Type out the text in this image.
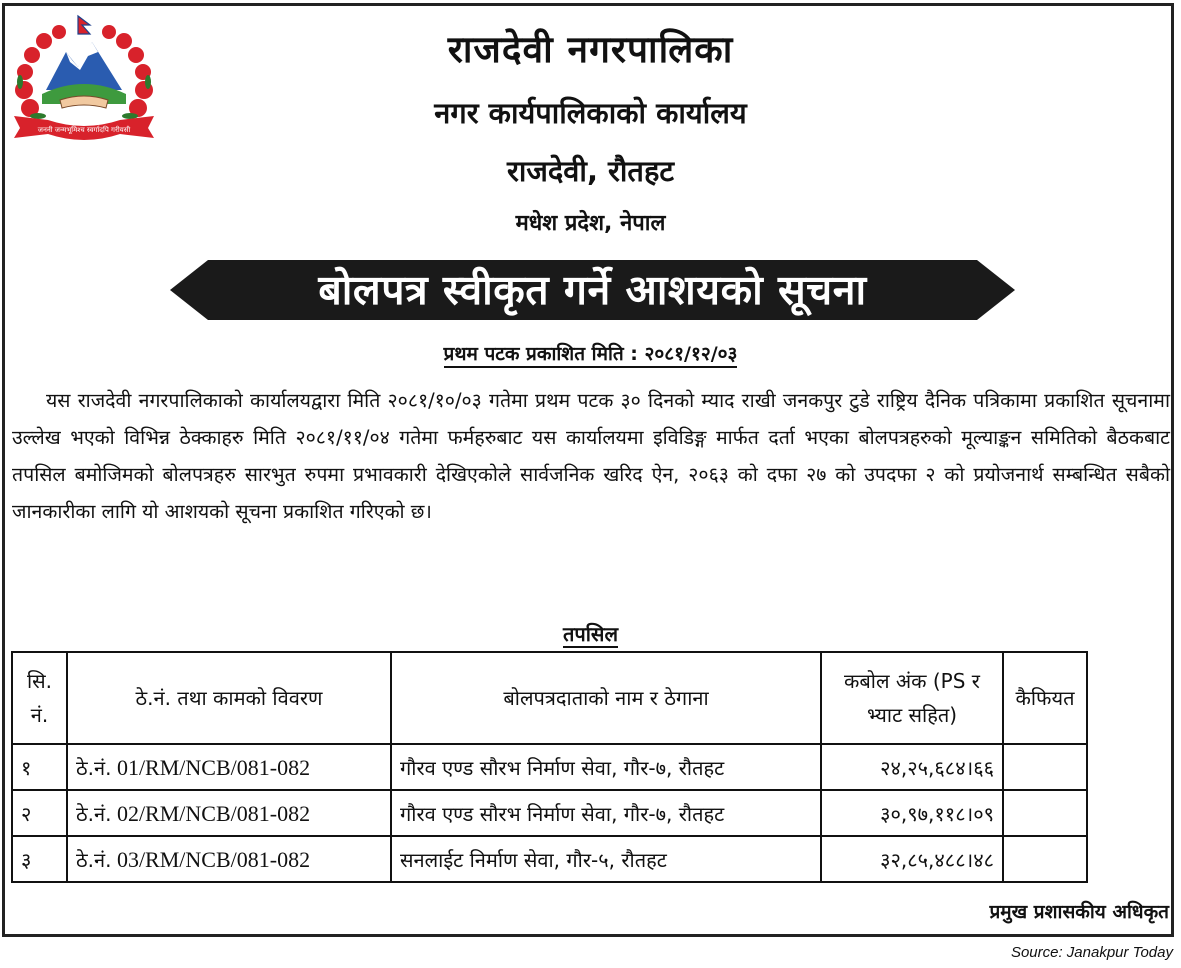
जननी जन्मभूमिश्च स्वर्गादपि गरीयसी
राजदेवी नगरपालिका
नगर कार्यपालिकाको कार्यालय
राजदेवी, रौतहट
मधेश प्रदेश, नेपाल
बोलपत्र स्वीकृत गर्ने आशयको सूचना
प्रथम पटक प्रकाशित मिति : २०८१/१२/०३

यस राजदेवी नगरपालिकाको कार्यालयद्वारा मिति २०८१/१०/०३ गतेमा प्रथम पटक ३० दिनको म्याद राखी जनकपुर टुडे राष्ट्रिय दैनिक पत्रिकामा प्रकाशित सूचनामा उल्लेख भएको विभिन्न ठेक्काहरु मिति २०८१/११/०४ गतेमा फर्महरुबाट यस कार्यालयमा इविडिङ्ग मार्फत दर्ता भएका बोलपत्रहरुको मूल्याङ्कन समितिको बैठकबाट तपसिल बमोजिमको बोलपत्रहरु सारभुत रुपमा प्रभावकारी देखिएकोले सार्वजनिक खरिद ऐन, २०६३ को दफा २७ को उपदफा २ को प्रयोजनार्थ सम्बन्धित सबैको जानकारीका लागि यो आशयको सूचना प्रकाशित गरिएको छ।

तपसिल
सि. नं.	ठे.नं. तथा कामको विवरण	बोलपत्रदाताको नाम र ठेगाना	कबोल अंक (PS र भ्याट सहित)	कैफियत
१	ठे.नं. 01/RM/NCB/081-082	गौरव एण्ड सौरभ निर्माण सेवा, गौर-७, रौतहट	२४,२५,६८४।६६	
२	ठे.नं. 02/RM/NCB/081-082	गौरव एण्ड सौरभ निर्माण सेवा, गौर-७, रौतहट	३०,९७,११८।०९	
३	ठे.नं. 03/RM/NCB/081-082	सनलाईट निर्माण सेवा, गौर-५, रौतहट	३२,८५,४८८।४८	
प्रमुख प्रशासकीय अधिकृत
Source: Janakpur Today
